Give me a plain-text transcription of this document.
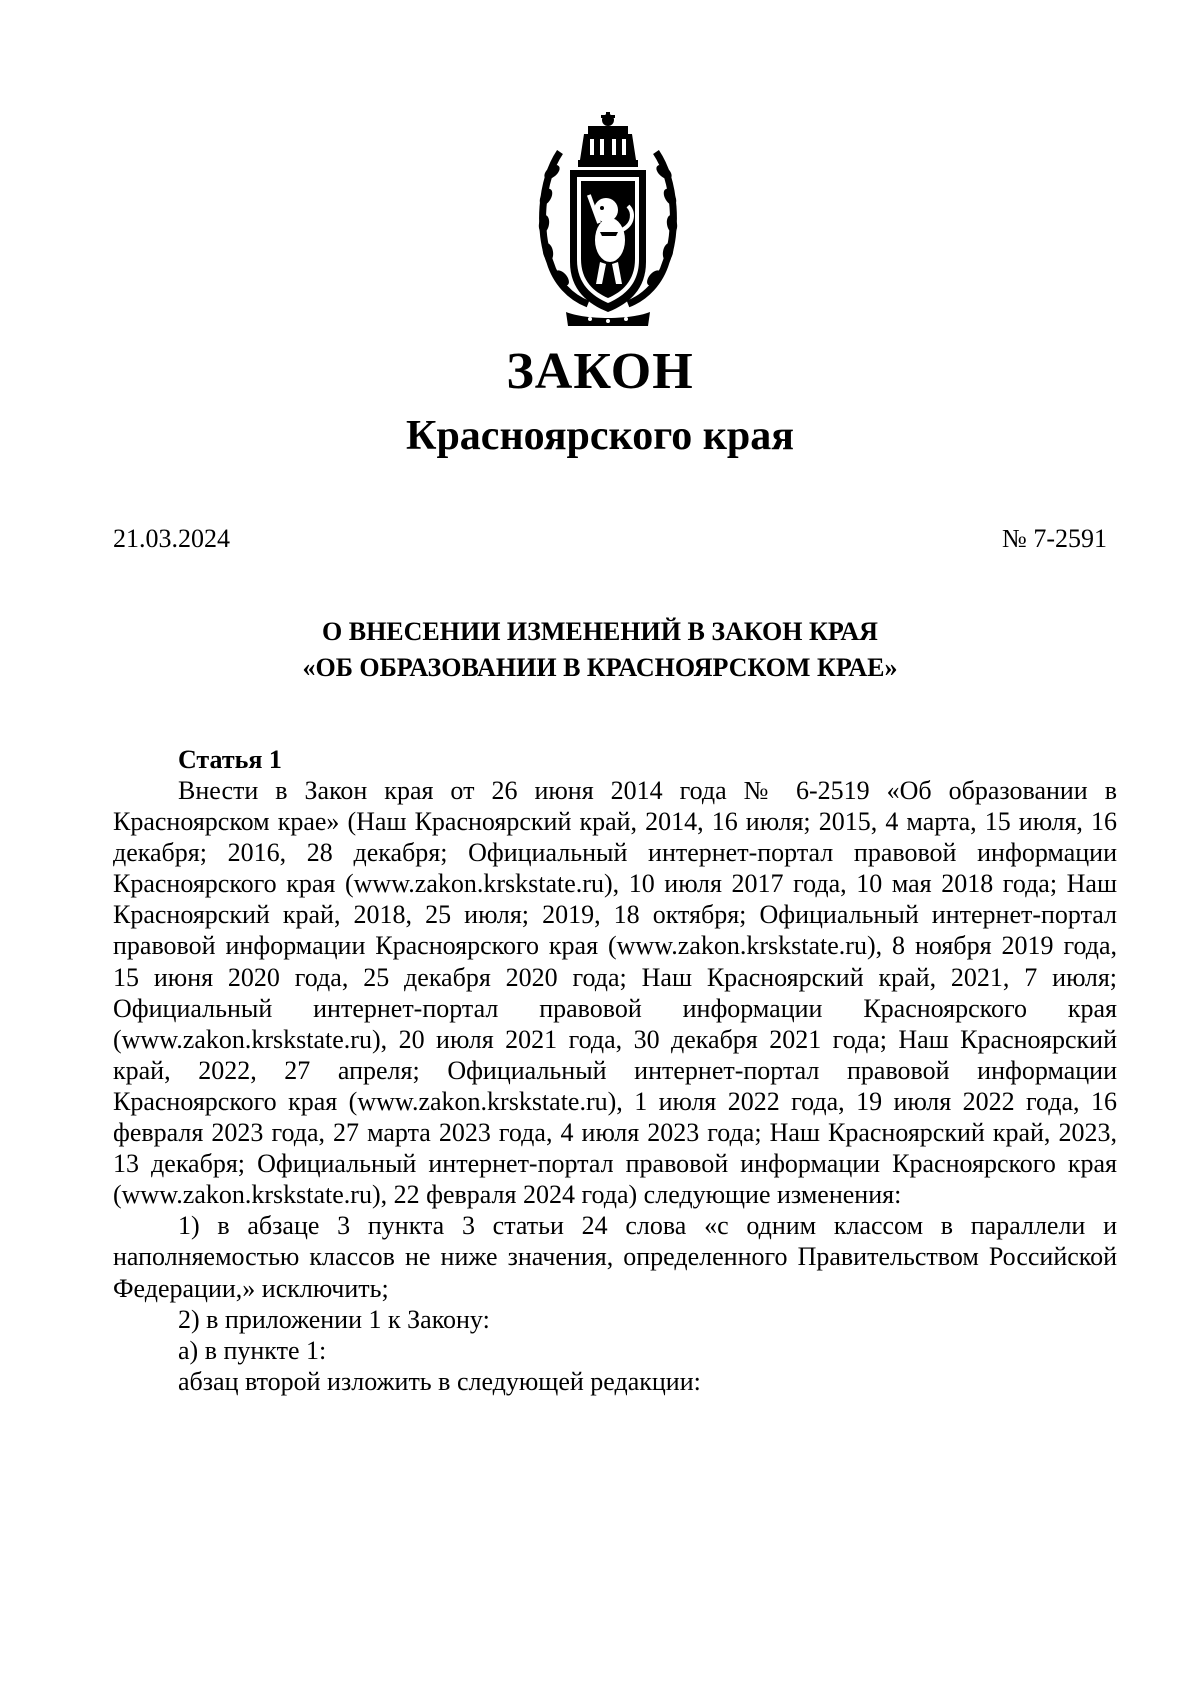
ЗАКОН
Красноярского края
21.03.2024	№ 7-2591
О ВНЕСЕНИИ ИЗМЕНЕНИЙ В ЗАКОН КРАЯ
«ОБ ОБРАЗОВАНИИ В КРАСНОЯРСКОМ КРАЕ»
Статья 1

Внести в Закон края от 26 июня 2014 года № 6-2519 «Об образовании в Красноярском крае» (Наш Красноярский край, 2014, 16 июля; 2015, 4 марта, 15 июля, 16 декабря; 2016, 28 декабря; Официальный интернет-портал правовой информации Красноярского края (www.zakon.krskstate.ru), 10 июля 2017 года, 10 мая 2018 года; Наш Красноярский край, 2018, 25 июля; 2019, 18 октября; Официальный интернет-портал правовой информации Красноярского края (www.zakon.krskstate.ru), 8 ноября 2019 года, 15 июня 2020 года, 25 декабря 2020 года; Наш Красноярский край, 2021, 7 июля; Официальный интернет-портал правовой информации Красноярского края (www.zakon.krskstate.ru), 20 июля 2021 года, 30 декабря 2021 года; Наш Красноярский край, 2022, 27 апреля; Официальный интернет-портал правовой информации Красноярского края (www.zakon.krskstate.ru), 1 июля 2022 года, 19 июля 2022 года, 16 февраля 2023 года, 27 марта 2023 года, 4 июля 2023 года; Наш Красноярский край, 2023, 13 декабря; Официальный интернет-портал правовой информации Красноярского края (www.zakon.krskstate.ru), 22 февраля 2024 года) следующие изменения:

1) в абзаце 3 пункта 3 статьи 24 слова «с одним классом в параллели и наполняемостью классов не ниже значения, определенного Правительством Российской Федерации,» исключить;

2) в приложении 1 к Закону:

а) в пункте 1:

абзац второй изложить в следующей редакции:
